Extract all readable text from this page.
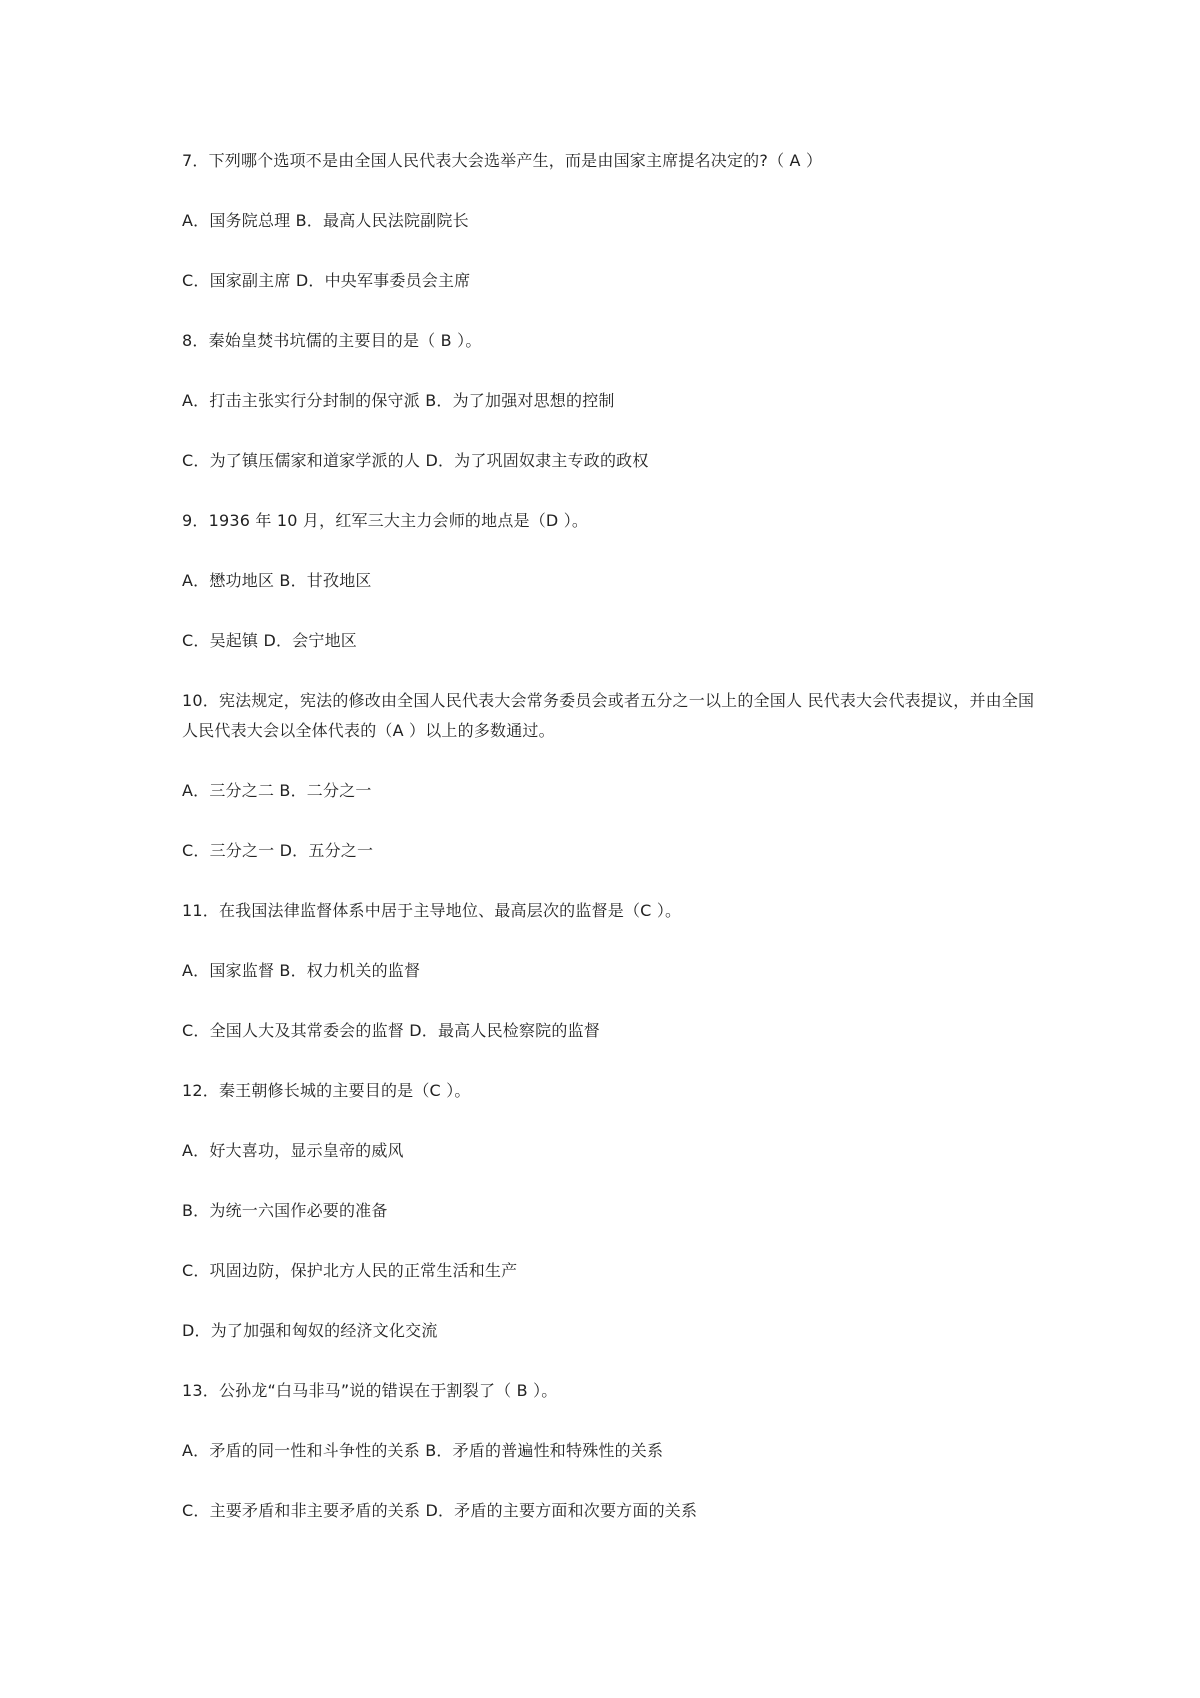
7．下列哪个选项不是由全国人民代表大会选举产生，而是由国家主席提名决定的?（ A ）
A．国务院总理 B．最高人民法院副院长
C．国家副主席 D．中央军事委员会主席
8．秦始皇焚书坑儒的主要目的是（ B ）。
A．打击主张实行分封制的保守派 B．为了加强对思想的控制
C．为了镇压儒家和道家学派的人 D．为了巩固奴隶主专政的政权
9．1936 年 10 月，红军三大主力会师的地点是（D ）。
A．懋功地区 B．甘孜地区
C．吴起镇 D．会宁地区
10．宪法规定，宪法的修改由全国人民代表大会常务委员会或者五分之一以上的全国人 民代表大会代表提议，并由全国人民代表大会以全体代表的（A ）以上的多数通过。
A．三分之二 B．二分之一
C．三分之一 D．五分之一
11．在我国法律监督体系中居于主导地位、最高层次的监督是（C ）。
A．国家监督 B．权力机关的监督
C．全国人大及其常委会的监督 D．最高人民检察院的监督
12．秦王朝修长城的主要目的是（C ）。
A．好大喜功，显示皇帝的威风
B．为统一六国作必要的准备
C．巩固边防，保护北方人民的正常生活和生产
D．为了加强和匈奴的经济文化交流
13．公孙龙“白马非马”说的错误在于割裂了（ B ）。
A．矛盾的同一性和斗争性的关系 B．矛盾的普遍性和特殊性的关系
C．主要矛盾和非主要矛盾的关系 D．矛盾的主要方面和次要方面的关系
